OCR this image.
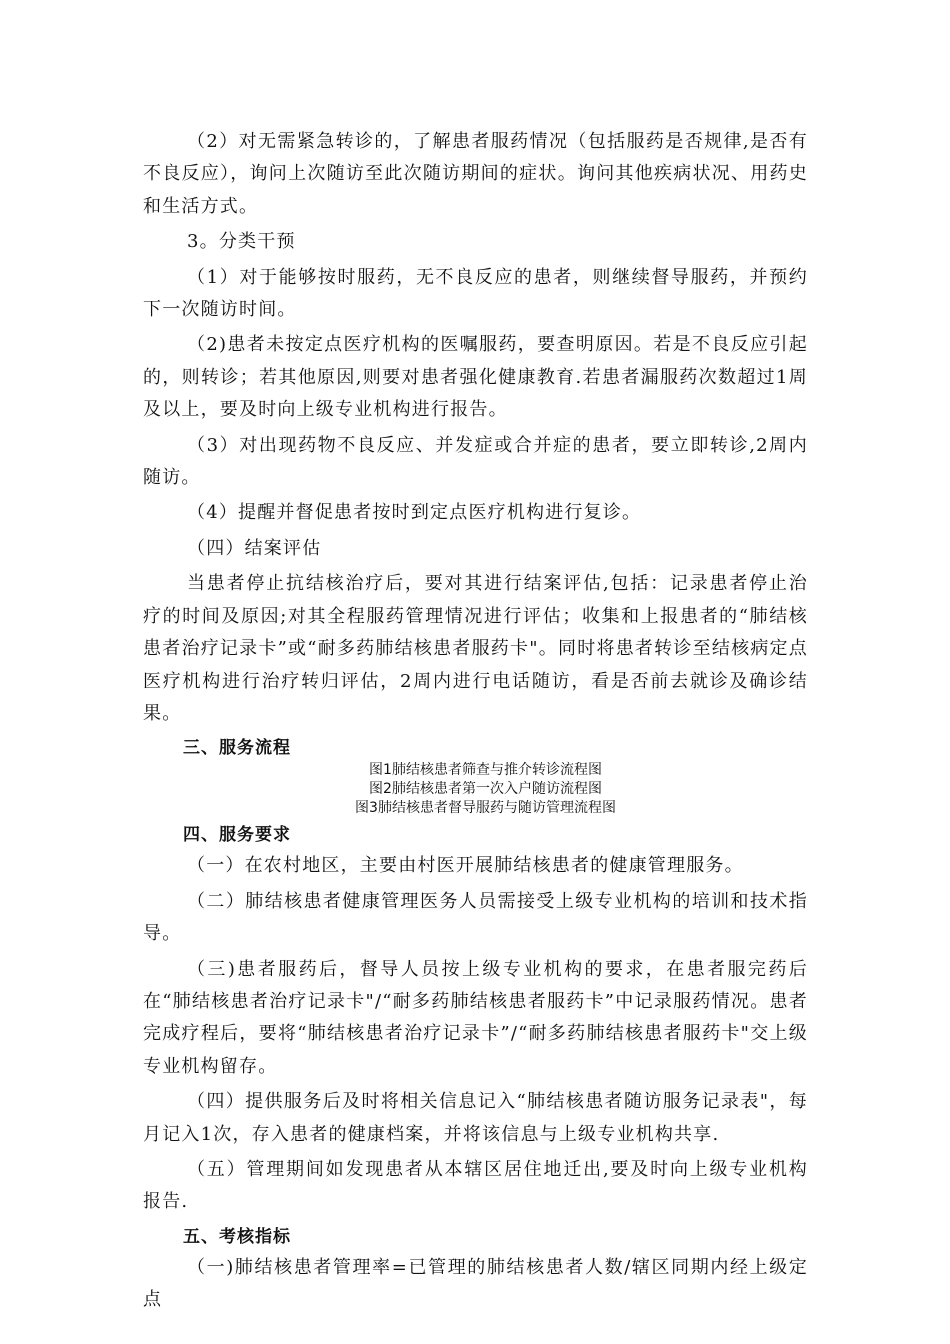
（2）对无需紧急转诊的，了解患者服药情况（包括服药是否规律,是否有不良反应），询问上次随访至此次随访期间的症状。询问其他疾病状况、用药史和生活方式。

3。分类干预

（1）对于能够按时服药，无不良反应的患者，则继续督导服药，并预约下一次随访时间。

（2)患者未按定点医疗机构的医嘱服药，要查明原因。若是不良反应引起的，则转诊；若其他原因,则要对患者强化健康教育.若患者漏服药次数超过1周及以上，要及时向上级专业机构进行报告。

（3）对出现药物不良反应、并发症或合并症的患者，要立即转诊,2周内随访。

（4）提醒并督促患者按时到定点医疗机构进行复诊。

（四）结案评估

当患者停止抗结核治疗后，要对其进行结案评估,包括：记录患者停止治疗的时间及原因;对其全程服药管理情况进行评估；收集和上报患者的“肺结核患者治疗记录卡”或“耐多药肺结核患者服药卡"。同时将患者转诊至结核病定点医疗机构进行治疗转归评估，2周内进行电话随访，看是否前去就诊及确诊结果。

三、服务流程
图1肺结核患者筛查与推介转诊流程图
图2肺结核患者第一次入户随访流程图
图3肺结核患者督导服药与随访管理流程图
四、服务要求

（一）在农村地区，主要由村医开展肺结核患者的健康管理服务。

（二）肺结核患者健康管理医务人员需接受上级专业机构的培训和技术指导。

（三)患者服药后，督导人员按上级专业机构的要求，在患者服完药后在“肺结核患者治疗记录卡"/“耐多药肺结核患者服药卡”中记录服药情况。患者完成疗程后，要将“肺结核患者治疗记录卡”/“耐多药肺结核患者服药卡"交上级专业机构留存。

（四）提供服务后及时将相关信息记入“肺结核患者随访服务记录表"，每月记入1次，存入患者的健康档案，并将该信息与上级专业机构共享.

（五）管理期间如发现患者从本辖区居住地迁出,要及时向上级专业机构报告.

五、考核指标

（一)肺结核患者管理率=已管理的肺结核患者人数/辖区同期内经上级定点
